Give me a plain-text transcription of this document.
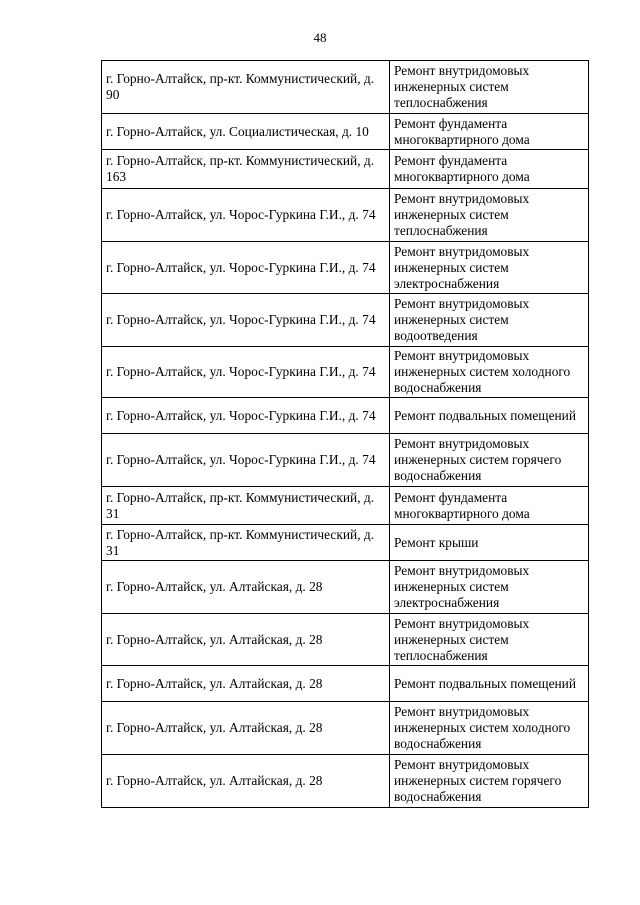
48
г. Горно-Алтайск, пр-кт. Коммунистический, д. 90	Ремонт внутридомовых инженерных систем теплоснабжения
г. Горно-Алтайск, ул. Социалистическая, д. 10	Ремонт фундамента многоквартирного дома
г. Горно-Алтайск, пр-кт. Коммунистический, д. 163	Ремонт фундамента многоквартирного дома
г. Горно-Алтайск, ул. Чорос-Гуркина Г.И., д. 74	Ремонт внутридомовых инженерных систем теплоснабжения
г. Горно-Алтайск, ул. Чорос-Гуркина Г.И., д. 74	Ремонт внутридомовых инженерных систем электроснабжения
г. Горно-Алтайск, ул. Чорос-Гуркина Г.И., д. 74	Ремонт внутридомовых инженерных систем водоотведения
г. Горно-Алтайск, ул. Чорос-Гуркина Г.И., д. 74	Ремонт внутридомовых инженерных систем холодного водоснабжения
г. Горно-Алтайск, ул. Чорос-Гуркина Г.И., д. 74	Ремонт подвальных помещений
г. Горно-Алтайск, ул. Чорос-Гуркина Г.И., д. 74	Ремонт внутридомовых инженерных систем горячего водоснабжения
г. Горно-Алтайск, пр-кт. Коммунистический, д. 31	Ремонт фундамента многоквартирного дома
г. Горно-Алтайск, пр-кт. Коммунистический, д. 31	Ремонт крыши
г. Горно-Алтайск, ул. Алтайская, д. 28	Ремонт внутридомовых инженерных систем электроснабжения
г. Горно-Алтайск, ул. Алтайская, д. 28	Ремонт внутридомовых инженерных систем теплоснабжения
г. Горно-Алтайск, ул. Алтайская, д. 28	Ремонт подвальных помещений
г. Горно-Алтайск, ул. Алтайская, д. 28	Ремонт внутридомовых инженерных систем холодного водоснабжения
г. Горно-Алтайск, ул. Алтайская, д. 28	Ремонт внутридомовых инженерных систем горячего водоснабжения
